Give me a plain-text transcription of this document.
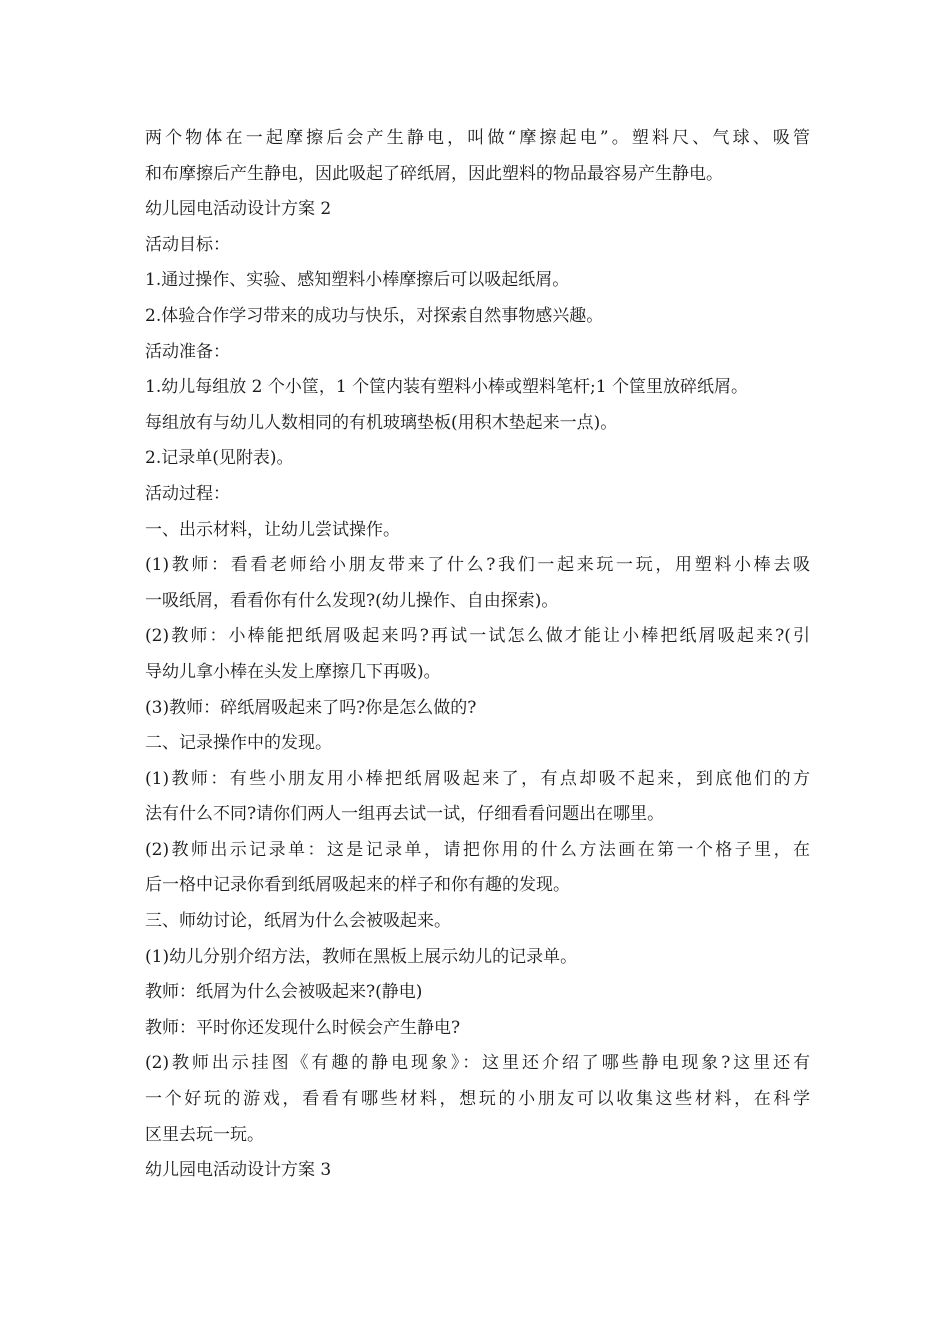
两个物体在一起摩擦后会产生静电，叫做“摩擦起电”。塑料尺、气球、吸管
和布摩擦后产生静电，因此吸起了碎纸屑，因此塑料的物品最容易产生静电。
幼儿园电活动设计方案 2
活动目标：
1.通过操作、实验、感知塑料小棒摩擦后可以吸起纸屑。
2.体验合作学习带来的成功与快乐，对探索自然事物感兴趣。
活动准备：
1.幼儿每组放 2 个小筐，1 个筐内装有塑料小棒或塑料笔杆;1 个筐里放碎纸屑。
每组放有与幼儿人数相同的有机玻璃垫板(用积木垫起来一点)。
2.记录单(见附表)。
活动过程：
一、出示材料，让幼儿尝试操作。
(1)教师：看看老师给小朋友带来了什么?我们一起来玩一玩，用塑料小棒去吸
一吸纸屑，看看你有什么发现?(幼儿操作、自由探索)。
(2)教师：小棒能把纸屑吸起来吗?再试一试怎么做才能让小棒把纸屑吸起来?(引
导幼儿拿小棒在头发上摩擦几下再吸)。
(3)教师：碎纸屑吸起来了吗?你是怎么做的?
二、记录操作中的发现。
(1)教师：有些小朋友用小棒把纸屑吸起来了，有点却吸不起来，到底他们的方
法有什么不同?请你们两人一组再去试一试，仔细看看问题出在哪里。
(2)教师出示记录单：这是记录单，请把你用的什么方法画在第一个格子里，在
后一格中记录你看到纸屑吸起来的样子和你有趣的发现。
三、师幼讨论，纸屑为什么会被吸起来。
(1)幼儿分别介绍方法，教师在黑板上展示幼儿的记录单。
教师：纸屑为什么会被吸起来?(静电)
教师：平时你还发现什么时候会产生静电?
(2)教师出示挂图《有趣的静电现象》：这里还介绍了哪些静电现象?这里还有
一个好玩的游戏，看看有哪些材料，想玩的小朋友可以收集这些材料，在科学
区里去玩一玩。
幼儿园电活动设计方案 3
